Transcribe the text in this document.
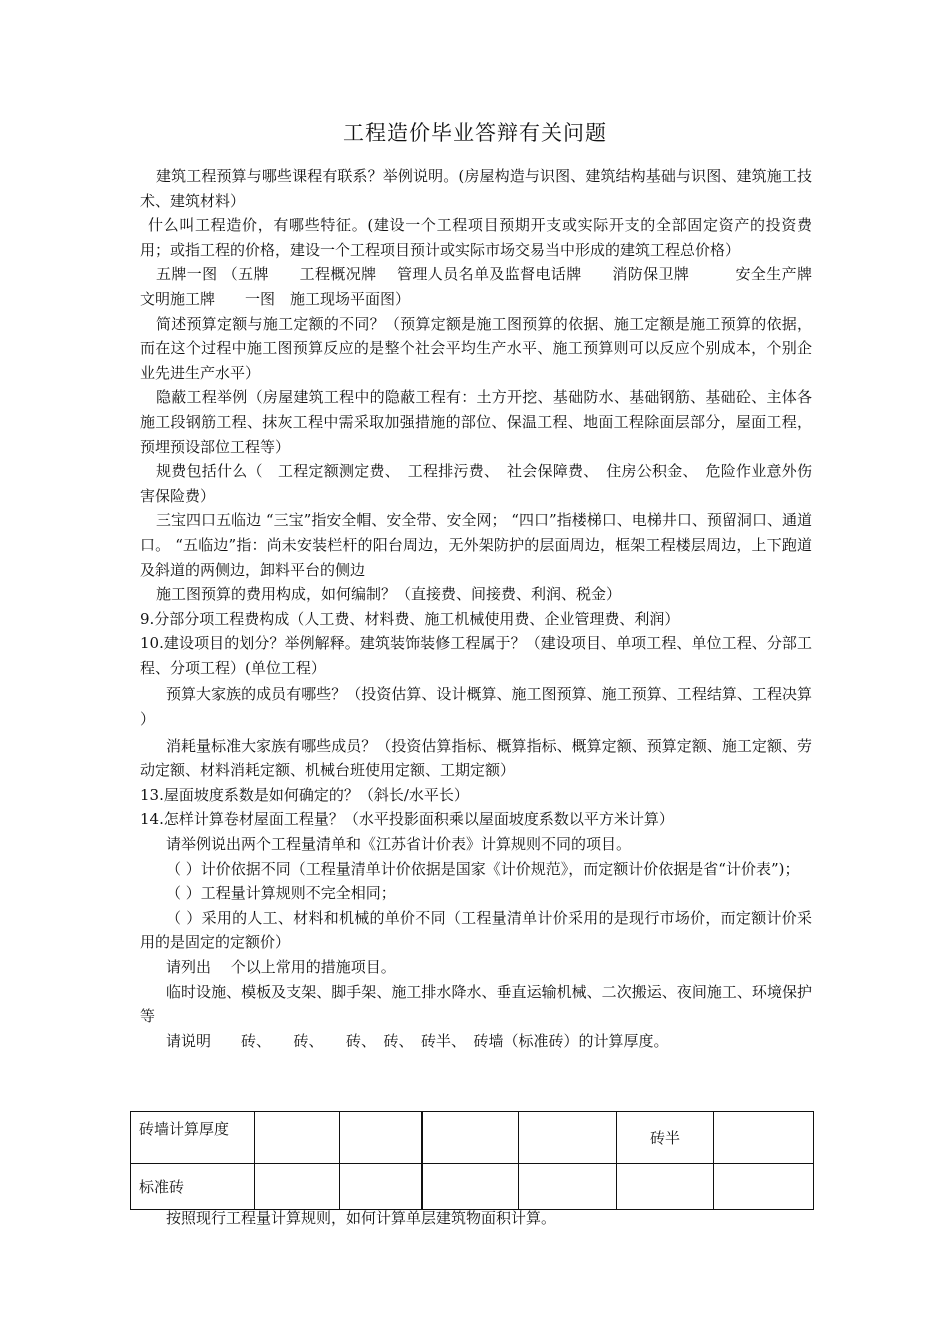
工程造价毕业答辩有关问题

建筑工程预算与哪些课程有联系？举例说明。(房屋构造与识图、建筑结构基础与识图、建筑施工技术、建筑材料）

什么叫工程造价，有哪些特征。(建设一个工程项目预期开支或实际开支的全部固定资产的投资费用；或指工程的价格，建设一个工程项目预计或实际市场交易当中形成的建筑工程总价格）

五牌一图 （五牌　　工程概况牌　 管理人员名单及监督电话牌　　消防保卫牌　　　安全生产牌　　文明施工牌　　一图　施工现场平面图）

简述预算定额与施工定额的不同？（预算定额是施工图预算的依据、施工定额是施工预算的依据，而在这个过程中施工图预算反应的是整个社会平均生产水平、施工预算则可以反应个别成本，个别企业先进生产水平）

隐蔽工程举例（房屋建筑工程中的隐蔽工程有：土方开挖、基础防水、基础钢筋、基础砼、主体各施工段钢筋工程、抹灰工程中需采取加强措施的部位、保温工程、地面工程除面层部分，屋面工程，预埋预设部位工程等）

规费包括什么（　工程定额测定费、　工程排污费、　社会保障费、　住房公积金、　危险作业意外伤害保险费）

三宝四口五临边 “三宝”指安全帽、安全带、安全网； “四口”指楼梯口、电梯井口、预留洞口、通道口。 “五临边”指：尚未安装栏杆的阳台周边，无外架防护的层面周边，框架工程楼层周边，上下跑道及斜道的两侧边，卸料平台的侧边

施工图预算的费用构成，如何编制？（直接费、间接费、利润、税金）

9.分部分项工程费构成（人工费、材料费、施工机械使用费、企业管理费、利润）

10.建设项目的划分？举例解释。建筑装饰装修工程属于？（建设项目、单项工程、单位工程、分部工程、分项工程）(单位工程）

预算大家族的成员有哪些？（投资估算、设计概算、施工图预算、施工预算、工程结算、工程决算 ）

消耗量标准大家族有哪些成员？（投资估算指标、概算指标、概算定额、预算定额、施工定额、劳动定额、材料消耗定额、机械台班使用定额、工期定额）

13.屋面坡度系数是如何确定的？（斜长/水平长）

14.怎样计算卷材屋面工程量？（水平投影面积乘以屋面坡度系数以平方米计算）

请举例说出两个工程量清单和《江苏省计价表》计算规则不同的项目。

（ ）计价依据不同（工程量清单计价依据是国家《计价规范》，而定额计价依据是省“计价表”)；

（ ）工程量计算规则不完全相同；

（ ）采用的人工、材料和机械的单价不同（工程量清单计价采用的是现行市场价，而定额计价采用的是固定的定额价）

请列出　 个以上常用的措施项目。

临时设施、模板及支架、脚手架、施工排水降水、垂直运输机械、二次搬运、夜间施工、环境保护等

请说明　　砖、　　砖、　　砖、　砖、　砖半、　砖墙（标准砖）的计算厚度。

砖墙计算厚度					砖半	
标准砖						
按照现行工程量计算规则，如何计算单层建筑物面积计算。
